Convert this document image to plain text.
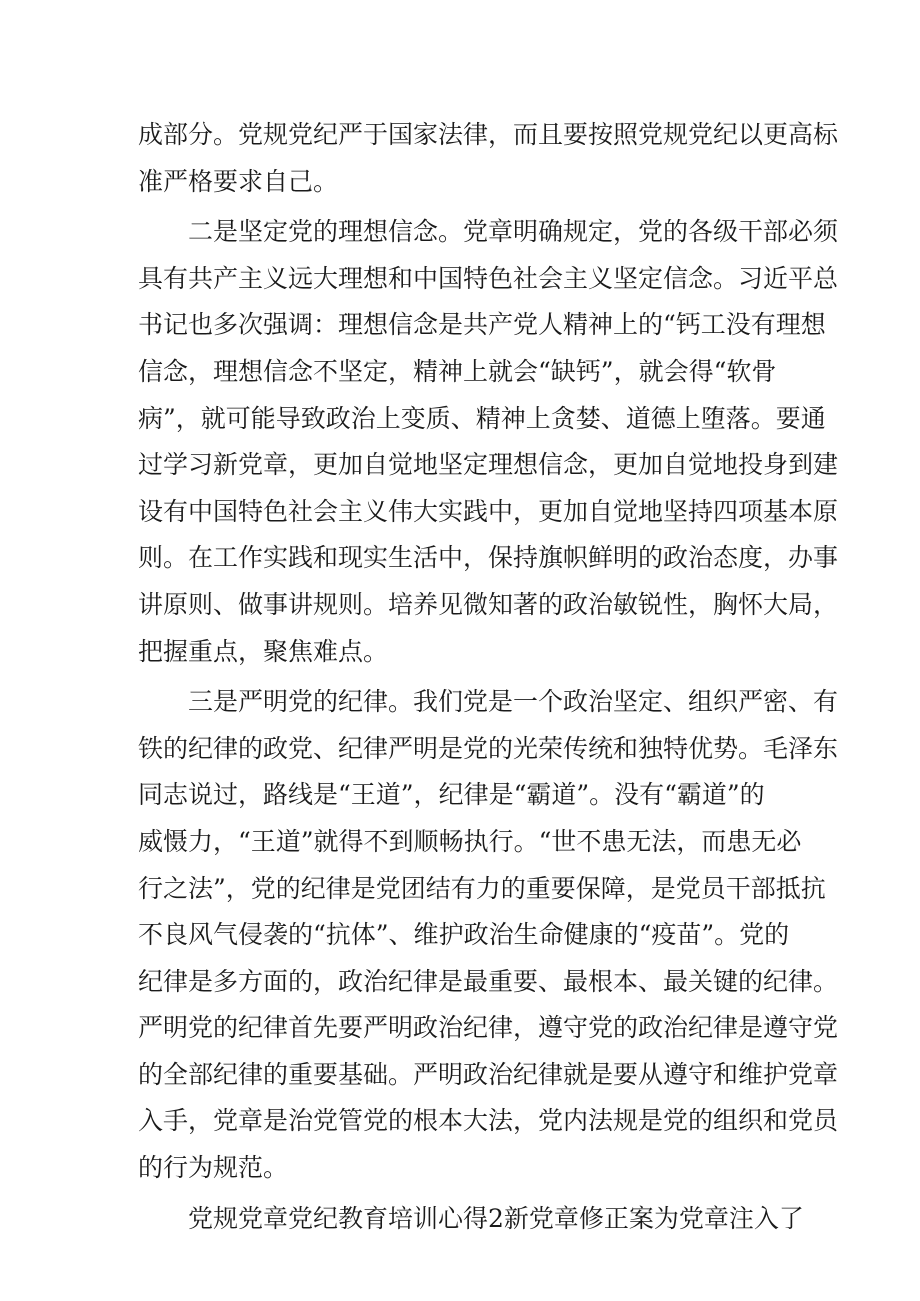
成部分。党规党纪严于国家法律，而且要按照党规党纪以更高标
准严格要求自己。
二是坚定党的理想信念。党章明确规定，党的各级干部必须
具有共产主义远大理想和中国特色社会主义坚定信念。习近平总
书记也多次强调：理想信念是共产党人精神上的“钙工没有理想
信念，理想信念不坚定，精神上就会“缺钙”，就会得“软骨
病”，就可能导致政治上变质、精神上贪婪、道德上堕落。要通
过学习新党章，更加自觉地坚定理想信念，更加自觉地投身到建
设有中国特色社会主义伟大实践中，更加自觉地坚持四项基本原
则。在工作实践和现实生活中，保持旗帜鲜明的政治态度，办事
讲原则、做事讲规则。培养见微知著的政治敏锐性，胸怀大局，
把握重点，聚焦难点。
三是严明党的纪律。我们党是一个政治坚定、组织严密、有
铁的纪律的政党、纪律严明是党的光荣传统和独特优势。毛泽东
同志说过，路线是“王道”，纪律是“霸道”。没有“霸道”的
威慑力，“王道”就得不到顺畅执行。“世不患无法，而患无必
行之法”，党的纪律是党团结有力的重要保障，是党员干部抵抗
不良风气侵袭的“抗体”、维护政治生命健康的“疫苗”。党的
纪律是多方面的，政治纪律是最重要、最根本、最关键的纪律。
严明党的纪律首先要严明政治纪律，遵守党的政治纪律是遵守党
的全部纪律的重要基础。严明政治纪律就是要从遵守和维护党章
入手，党章是治党管党的根本大法，党内法规是党的组织和党员
的行为规范。
党规党章党纪教育培训心得2新党章修正案为党章注入了
